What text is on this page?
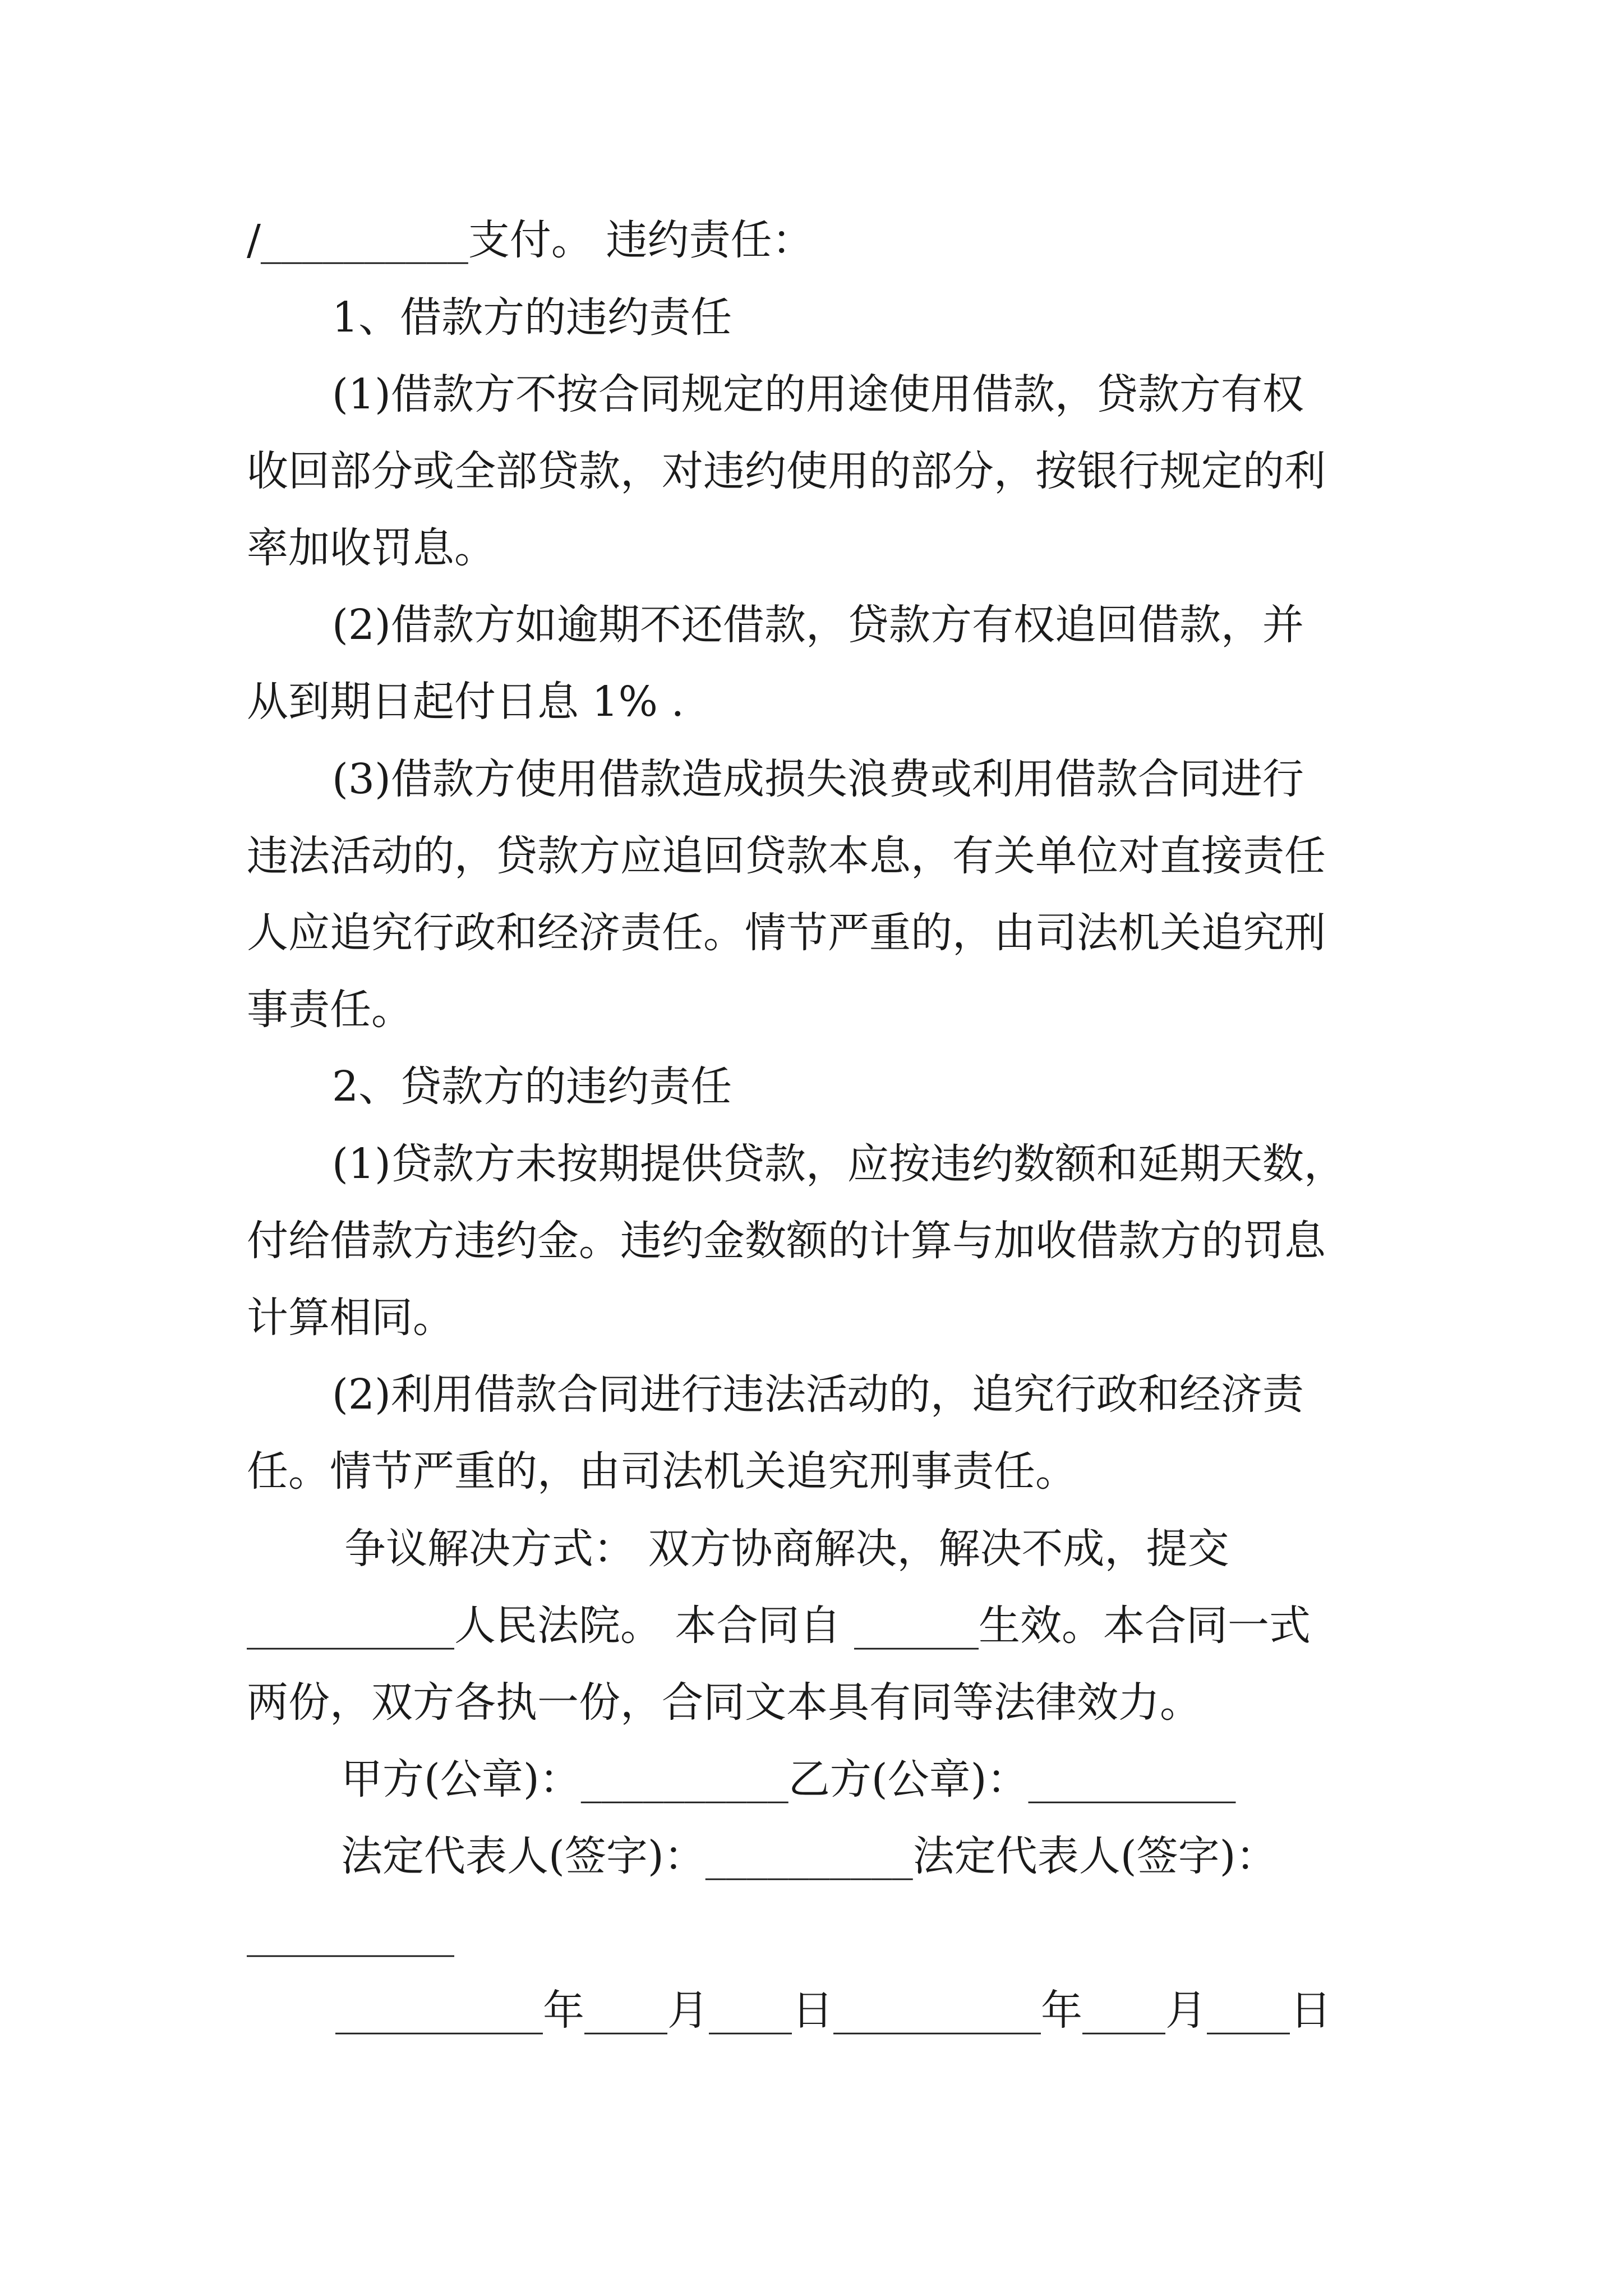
/__________支付。 违约责任：
1、借款方的违约责任
(1)借款方不按合同规定的用途使用借款，贷款方有权
收回部分或全部贷款，对违约使用的部分，按银行规定的利
率加收罚息。
(2)借款方如逾期不还借款，贷款方有权追回借款，并
从到期日起付日息 1% .
(3)借款方使用借款造成损失浪费或利用借款合同进行
违法活动的，贷款方应追回贷款本息，有关单位对直接责任
人应追究行政和经济责任。情节严重的，由司法机关追究刑
事责任。
2、贷款方的违约责任
(1)贷款方未按期提供贷款，应按违约数额和延期天数，
付给借款方违约金。违约金数额的计算与加收借款方的罚息
计算相同。
(2)利用借款合同进行违法活动的，追究行政和经济责
任。情节严重的，由司法机关追究刑事责任。
争议解决方式： 双方协商解决，解决不成，提交
__________人民法院。 本合同自 ______生效。本合同一式
两份，双方各执一份，合同文本具有同等法律效力。
甲方(公章)：__________乙方(公章)：__________
法定代表人(签字)：__________法定代表人(签字)：
__________
__________年____月____日__________年____月____日
